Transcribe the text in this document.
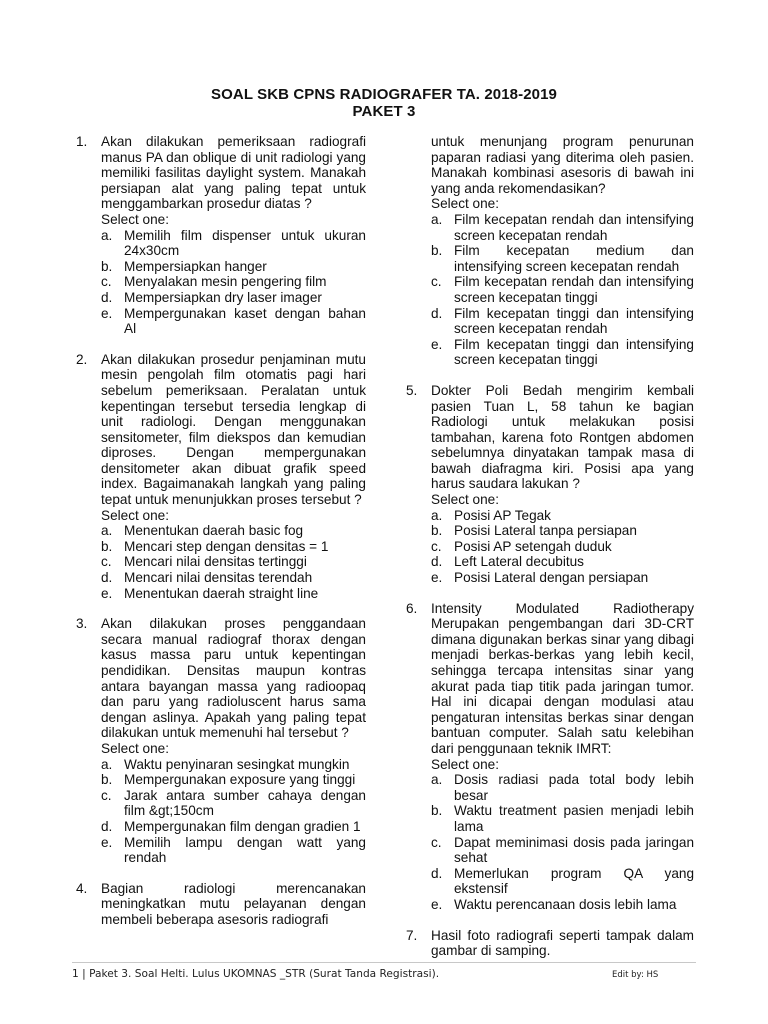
SOAL SKB CPNS RADIOGRAFER TA. 2018-2019

PAKET 3
1.	Akan dilakukan pemeriksaan radiografi manus PA dan oblique di unit radiologi yang memiliki fasilitas daylight system. Manakah persiapan alat yang paling tepat untuk menggambarkan prosedur diatas ?
Select one:
a. Memilih film dispenser untuk ukuran 24x30cm
b. Mempersiapkan hanger
c. Menyalakan mesin pengering film
d. Mempersiapkan dry laser imager
e. Mempergunakan kaset dengan bahan Al
2.	Akan dilakukan prosedur penjaminan mutu mesin pengolah film otomatis pagi hari sebelum pemeriksaan. Peralatan untuk kepentingan tersebut tersedia lengkap di unit radiologi. Dengan menggunakan sensitometer, film diekspos dan kemudian diproses. Dengan mempergunakan densitometer akan dibuat grafik speed index. Bagaimanakah langkah yang paling tepat untuk menunjukkan proses tersebut ?
Select one:
a. Menentukan daerah basic fog
b. Mencari step dengan densitas = 1
c. Mencari nilai densitas tertinggi
d. Mencari nilai densitas terendah
e. Menentukan daerah straight line
3.	Akan dilakukan proses penggandaan secara manual radiograf thorax dengan kasus massa paru untuk kepentingan pendidikan. Densitas maupun kontras antara bayangan massa yang radioopaq dan paru yang radioluscent harus sama dengan aslinya. Apakah yang paling tepat dilakukan untuk memenuhi hal tersebut ?
Select one:
a. Waktu penyinaran sesingkat mungkin
b. Mempergunakan exposure yang tinggi
c. Jarak antara sumber cahaya dengan film &gt;150cm
d. Mempergunakan film dengan gradien 1
e. Memilih lampu dengan watt yang rendah
4.	Bagian radiologi merencanakan meningkatkan mutu pelayanan dengan membeli beberapa asesoris radiografi
untuk menunjang program penurunan paparan radiasi yang diterima oleh pasien. Manakah kombinasi asesoris di bawah ini yang anda rekomendasikan?
Select one:
a. Film kecepatan rendah dan intensifying screen kecepatan rendah
b. Film kecepatan medium dan intensifying screen kecepatan rendah
c. Film kecepatan rendah dan intensifying screen kecepatan tinggi
d. Film kecepatan tinggi dan intensifying screen kecepatan rendah
e. Film kecepatan tinggi dan intensifying screen kecepatan tinggi
5.	Dokter Poli Bedah mengirim kembali pasien Tuan L, 58 tahun ke bagian Radiologi untuk melakukan posisi tambahan, karena foto Rontgen abdomen sebelumnya dinyatakan tampak masa di bawah diafragma kiri. Posisi apa yang harus saudara lakukan ?
Select one:
a. Posisi AP Tegak
b. Posisi Lateral tanpa persiapan
c. Posisi AP setengah duduk
d. Left Lateral decubitus
e. Posisi Lateral dengan persiapan
6.	Intensity Modulated Radiotherapy Merupakan pengembangan dari 3D-CRT dimana digunakan berkas sinar yang dibagi menjadi berkas-berkas yang lebih kecil, sehingga tercapa intensitas sinar yang akurat pada tiap titik pada jaringan tumor. Hal ini dicapai dengan modulasi atau pengaturan intensitas berkas sinar dengan bantuan computer. Salah satu kelebihan dari penggunaan teknik IMRT:
Select one:
a. Dosis radiasi pada total body lebih besar
b. Waktu treatment pasien menjadi lebih lama
c. Dapat meminimasi dosis pada jaringan sehat
d. Memerlukan program QA yang ekstensif
e. Waktu perencanaan dosis lebih lama
7.	Hasil foto radiografi seperti tampak dalam gambar di samping.
1 | Paket 3. Soal Helti. Lulus UKOMNAS _STR (Surat Tanda Registrasi).	Edit by: HS
